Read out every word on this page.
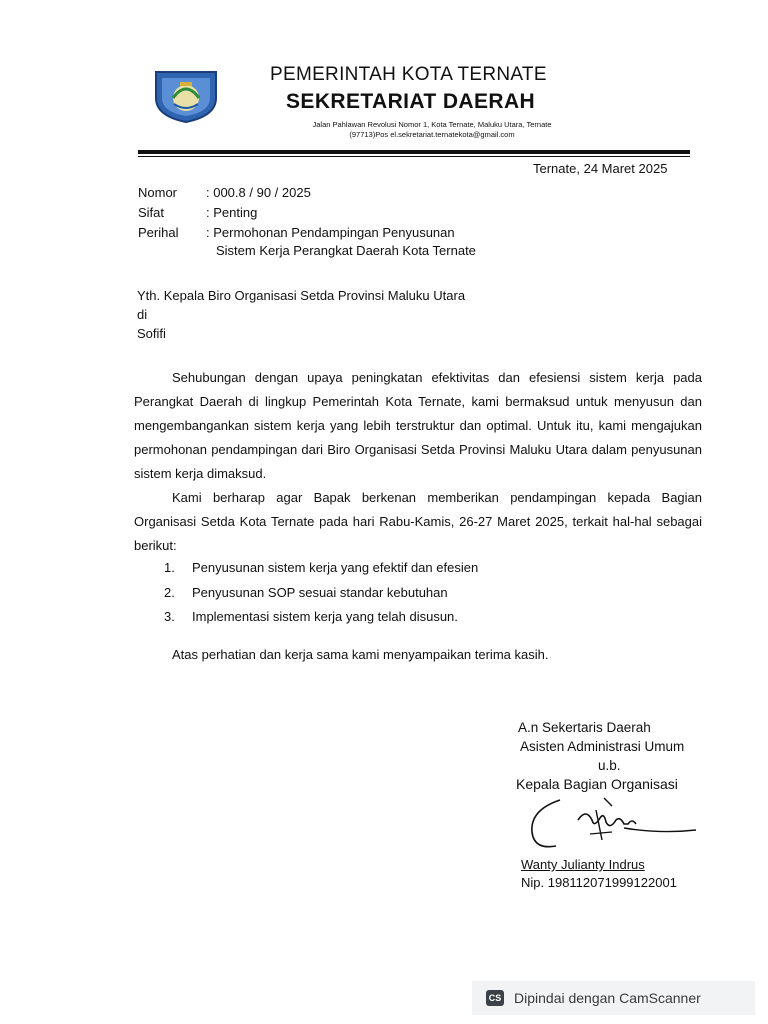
PEMERINTAH KOTA TERNATE
SEKRETARIAT DAERAH
Jalan Pahlawan Revolusi Nomor 1, Kota Ternate, Maluku Utara, Ternate
(97713)Pos el.sekretariat.ternatekota@gmail.com
Ternate, 24 Maret 2025
Nomor	: 000.8 / 90 / 2025
Sifat	: Penting
Perihal	: Permohonan Pendampingan Penyusunan
Sistem Kerja Perangkat Daerah Kota Ternate
Yth. Kepala Biro Organisasi Setda Provinsi Maluku Utara
di
Sofifi

Sehubungan dengan upaya peningkatan efektivitas dan efesiensi sistem kerja pada Perangkat Daerah di lingkup Pemerintah Kota Ternate, kami bermaksud untuk menyusun dan mengembangankan sistem kerja yang lebih terstruktur dan optimal. Untuk itu, kami mengajukan permohonan pendampingan dari Biro Organisasi Setda Provinsi Maluku Utara dalam penyusunan sistem kerja dimaksud.

Kami berharap agar Bapak berkenan memberikan pendampingan kepada Bagian Organisasi Setda Kota Ternate pada hari Rabu-Kamis, 26-27 Maret 2025, terkait hal-hal sebagai berikut:

1.	Penyusunan sistem kerja yang efektif dan efesien
2.	Penyusunan SOP sesuai standar kebutuhan
3.	Implementasi sistem kerja yang telah disusun.
Atas perhatian dan kerja sama kami menyampaikan terima kasih.
A.n Sekertaris Daerah
Asisten Administrasi Umum
u.b.
Kepala Bagian Organisasi
Wanty Julianty Indrus
Nip. 198112071999122001
CS Dipindai dengan CamScanner
